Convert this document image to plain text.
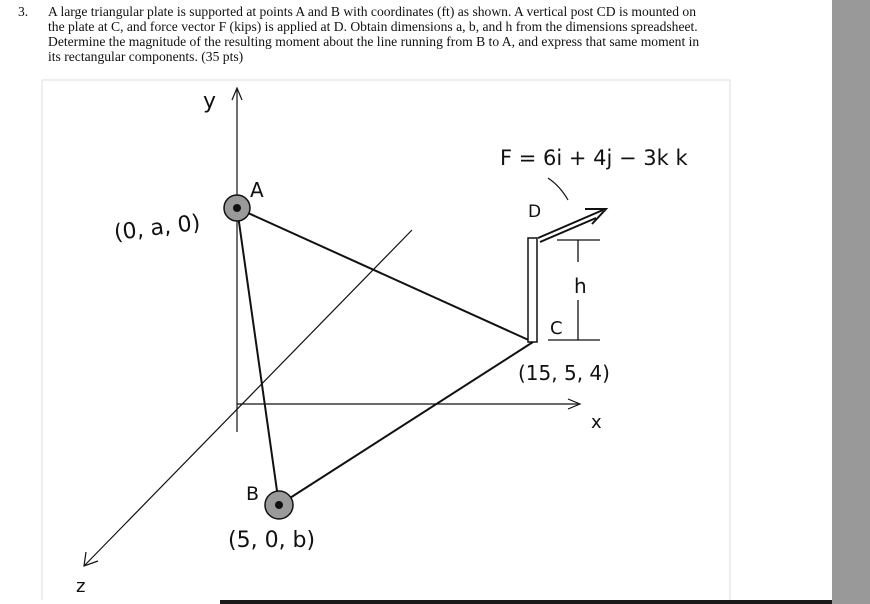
3. A large triangular plate is supported at points A and B with coordinates (ft) as shown. A vertical post CD is mounted on
the plate at C, and force vector F (kips) is applied at D. Obtain dimensions a, b, and h from the dimensions spreadsheet.
Determine the magnitude of the resulting moment about the line running from B to A, and express that same moment in
its rectangular components. (35 pts)
y
x
z
F = 6i + 4j − 3k k
A
(0, a, 0)
B
(5, 0, b)
C
(15, 5, 4)
D
h
